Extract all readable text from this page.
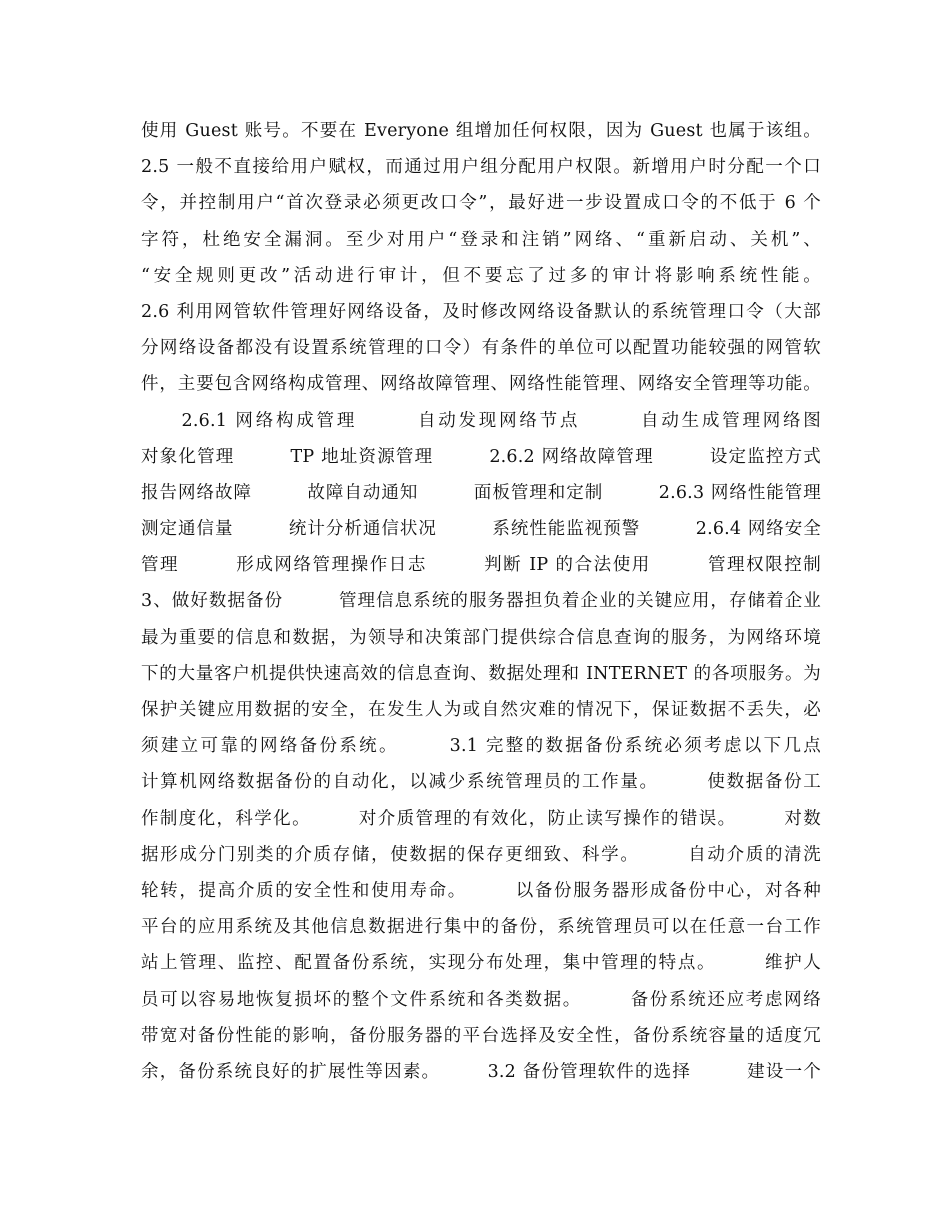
使用 Guest 账号。不要在 Everyone 组增加任何权限，因为 Guest 也属于该组。
2.5 一般不直接给用户赋权，而通过用户组分配用户权限。新增用户时分配一个口
令，并控制用户“首次登录必须更改口令”，最好进一步设置成口令的不低于 6 个
字符，杜绝安全漏洞。至少对用户“登录和注销”网络、“重新启动、关机”、
“安全规则更改”活动进行审计，但不要忘了过多的审计将影响系统性能。
2.6 利用网管软件管理好网络设备，及时修改网络设备默认的系统管理口令（大部
分网络设备都没有设置系统管理的口令）有条件的单位可以配置功能较强的网管软
件，主要包含网络构成管理、网络故障管理、网络性能管理、网络安全管理等功能。
　　2.6.1 网络构成管理　　　自动发现网络节点　　　自动生成管理网络图
对象化管理　　　TP 地址资源管理　　　2.6.2 网络故障管理　　　设定监控方式
报告网络故障　　　故障自动通知　　　面板管理和定制　　　2.6.3 网络性能管理
测定通信量　　　统计分析通信状况　　　系统性能监视预警　　　2.6.4 网络安全
管理　　　形成网络管理操作日志　　　判断 IP 的合法使用　　　管理权限控制
3、做好数据备份　　　管理信息系统的服务器担负着企业的关键应用，存储着企业
最为重要的信息和数据，为领导和决策部门提供综合信息查询的服务，为网络环境
下的大量客户机提供快速高效的信息查询、数据处理和 INTERNET 的各项服务。为
保护关键应用数据的安全，在发生人为或自然灾难的情况下，保证数据不丢失，必
须建立可靠的网络备份系统。　　　3.1 完整的数据备份系统必须考虑以下几点
计算机网络数据备份的自动化，以减少系统管理员的工作量。　　　使数据备份工
作制度化，科学化。　　　对介质管理的有效化，防止读写操作的错误。　　　对数
据形成分门别类的介质存储，使数据的保存更细致、科学。　　　自动介质的清洗
轮转，提高介质的安全性和使用寿命。　　　以备份服务器形成备份中心，对各种
平台的应用系统及其他信息数据进行集中的备份，系统管理员可以在任意一台工作
站上管理、监控、配置备份系统，实现分布处理，集中管理的特点。　　　维护人
员可以容易地恢复损坏的整个文件系统和各类数据。　　　备份系统还应考虑网络
带宽对备份性能的影响，备份服务器的平台选择及安全性，备份系统容量的适度冗
余，备份系统良好的扩展性等因素。　　　3.2 备份管理软件的选择　　　建设一个
